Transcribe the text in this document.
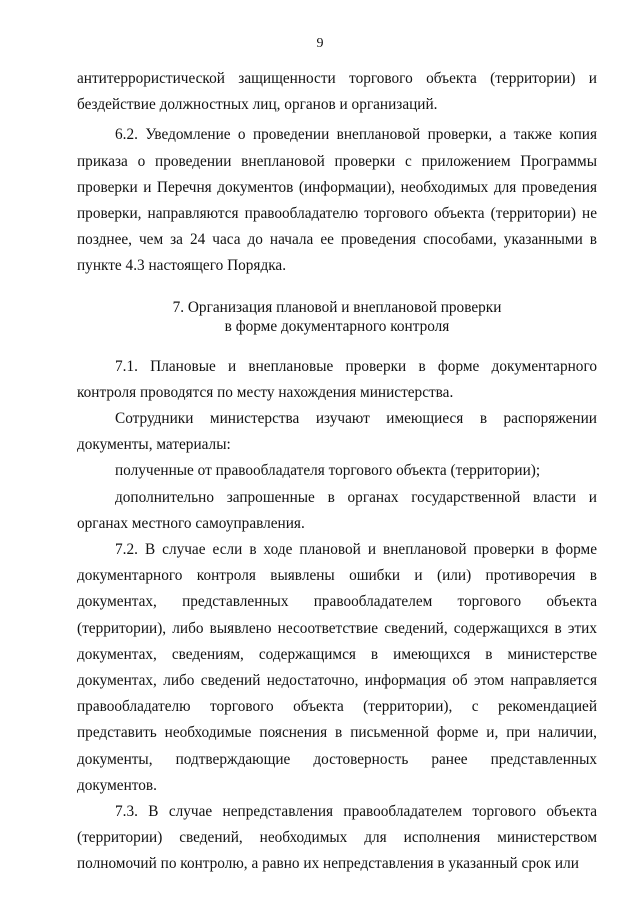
9

антитеррористической защищенности торгового объекта (территории) и бездействие должностных лиц, органов и организаций.

6.2. Уведомление о проведении внеплановой проверки, а также копия приказа о проведении внеплановой проверки с приложением Программы проверки и Перечня документов (информации), необходимых для проведения проверки, направляются правообладателю торгового объекта (территории) не позднее, чем за 24 часа до начала ее проведения способами, указанными в пункте 4.3 настоящего Порядка.

7. Организация плановой и внеплановой проверки
в форме документарного контроля

7.1. Плановые и внеплановые проверки в форме документарного контроля проводятся по месту нахождения министерства.

Сотрудники министерства изучают имеющиеся в распоряжении документы, материалы:

полученные от правообладателя торгового объекта (территории);

дополнительно запрошенные в органах государственной власти и органах местного самоуправления.

7.2. В случае если в ходе плановой и внеплановой проверки в форме документарного контроля выявлены ошибки и (или) противоречия в документах, представленных правообладателем торгового объекта (территории), либо выявлено несоответствие сведений, содержащихся в этих документах, сведениям, содержащимся в имеющихся в министерстве документах, либо сведений недостаточно, информация об этом направляется правообладателю торгового объекта (территории), с рекомендацией представить необходимые пояснения в письменной форме и, при наличии, документы, подтверждающие достоверность ранее представленных документов.

7.3. В случае непредставления правообладателем торгового объекта (территории) сведений, необходимых для исполнения министерством полномочий по контролю, а равно их непредставления в указанный срок или
